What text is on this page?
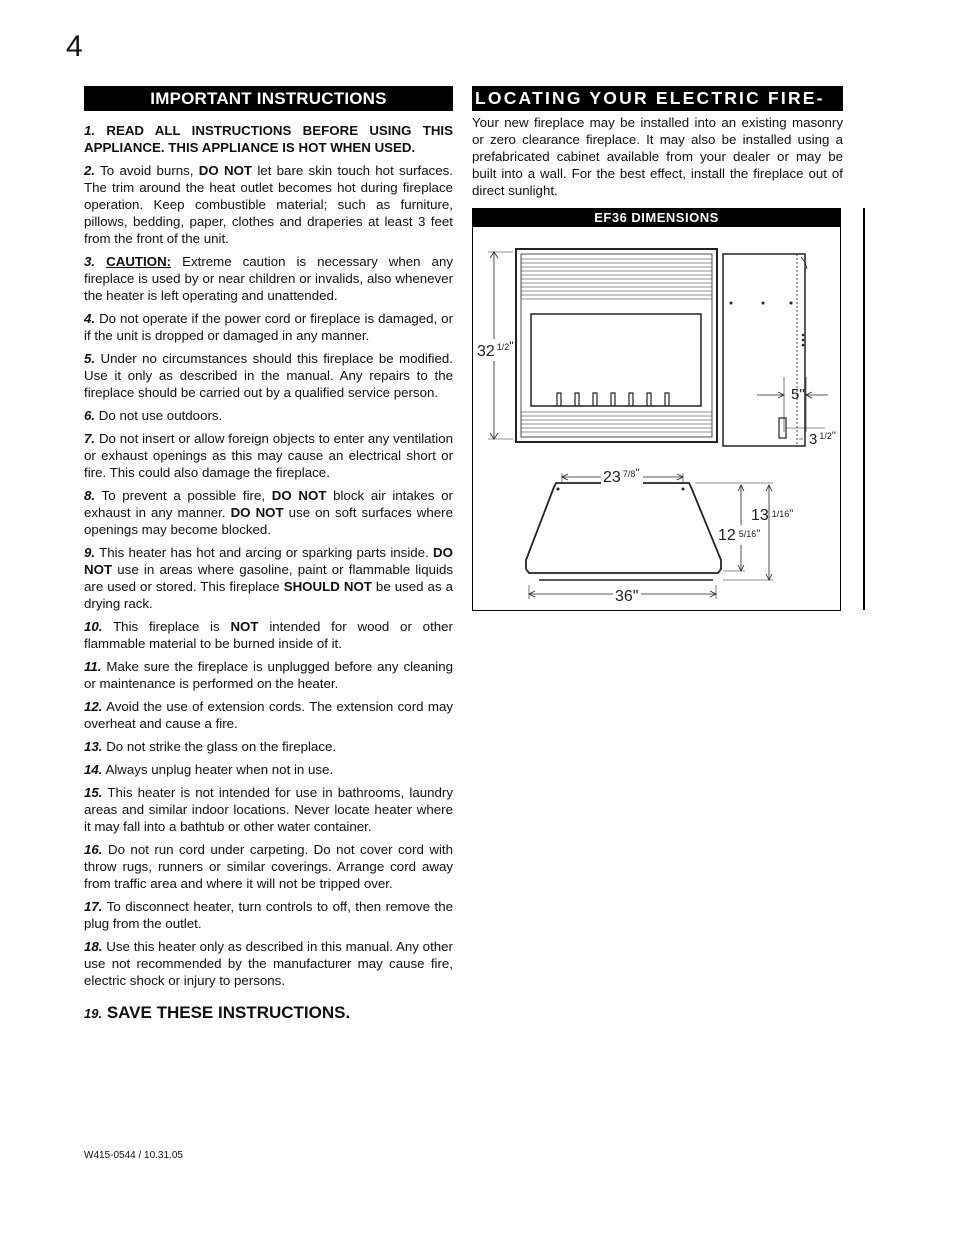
4
IMPORTANT INSTRUCTIONS

1. READ ALL INSTRUCTIONS BEFORE USING THIS APPLIANCE. THIS APPLIANCE IS HOT WHEN USED.

2. To avoid burns, DO NOT let bare skin touch hot surfaces. The trim around the heat outlet becomes hot during fireplace operation. Keep combustible material; such as furniture, pillows, bedding, paper, clothes and draperies at least 3 feet from the front of the unit.

3. CAUTION: Extreme caution is necessary when any fireplace is used by or near children or invalids, also whenever the heater is left operating and unattended.

4. Do not operate if the power cord or fireplace is damaged, or if the unit is dropped or damaged in any manner.

5. Under no circumstances should this fireplace be modified. Use it only as described in the manual. Any repairs to the fireplace should be carried out by a qualified service person.

6. Do not use outdoors.

7. Do not insert or allow foreign objects to enter any ventilation or exhaust openings as this may cause an electrical short or fire. This could also damage the fireplace.

8. To prevent a possible fire, DO NOT block air intakes or exhaust in any manner. DO NOT use on soft surfaces where openings may become blocked.

9. This heater has hot and arcing or sparking parts inside. DO NOT use in areas where gasoline, paint or flammable liquids are used or stored. This fireplace SHOULD NOT be used as a drying rack.

10. This fireplace is NOT intended for wood or other flammable material to be burned inside of it.

11. Make sure the fireplace is unplugged before any cleaning or maintenance is performed on the heater.

12. Avoid the use of extension cords. The extension cord may overheat and cause a fire.

13. Do not strike the glass on the fireplace.

14. Always unplug heater when not in use.

15. This heater is not intended for use in bathrooms, laundry areas and similar indoor locations. Never locate heater where it may fall into a bathtub or other water container.

16. Do not run cord under carpeting. Do not cover cord with throw rugs, runners or similar coverings. Arrange cord away from traffic area and where it will not be tripped over.

17. To disconnect heater, turn controls to off, then remove the plug from the outlet.

18. Use this heater only as described in this manual. Any other use not recommended by the manufacturer may cause fire, electric shock or injury to persons.

19. SAVE THESE INSTRUCTIONS.
LOCATING YOUR ELECTRIC FIRE-

Your new fireplace may be installed into an existing masonry or zero clearance fireplace. It may also be installed using a prefabricated cabinet available from your dealer or may be built into a wall. For the best effect, install the fireplace out of direct sunlight.

EF36 DIMENSIONS
32 $^{1/2}$"
5"
3 $^{1/2}$"
23 $^{7/8}$"
36"
13 1/16"
12 5/16"
W415-0544 / 10.31.05
